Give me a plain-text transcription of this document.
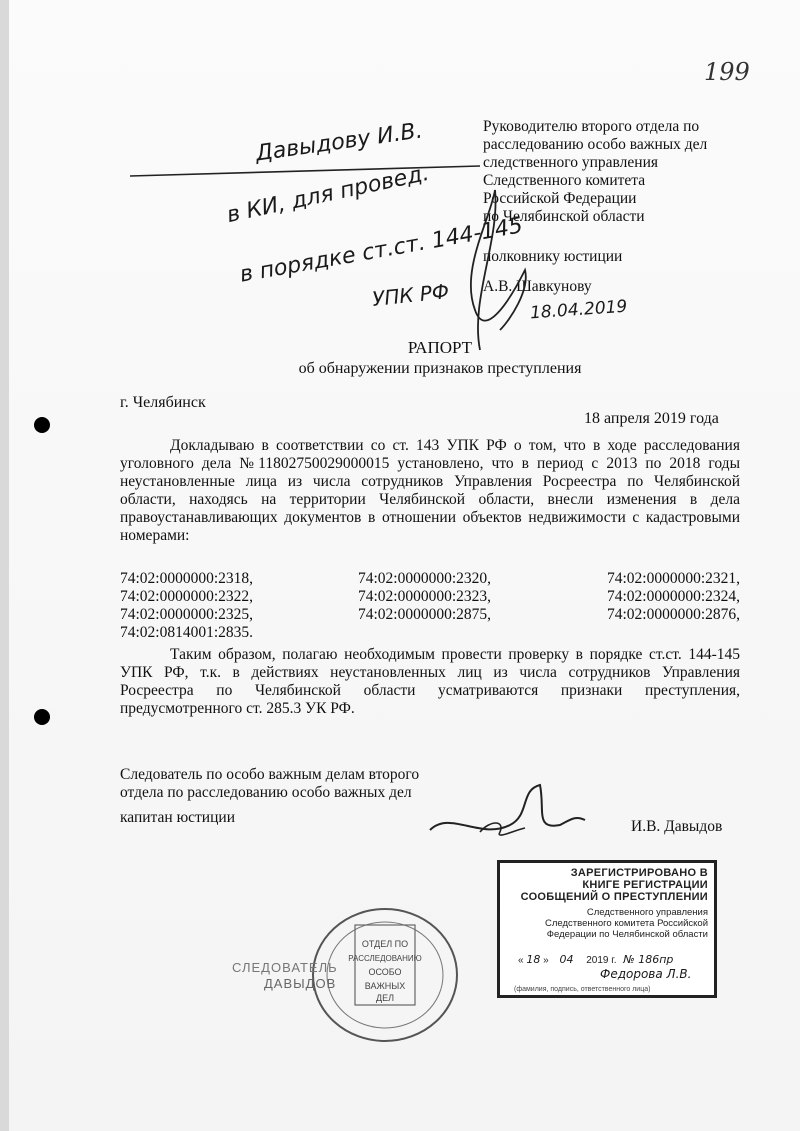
199
Руководителю второго отдела по
расследованию особо важных дел
следственного управления
Следственного комитета
Российской Федерации
по Челябинской области
полковнику юстиции
А.В. Шавкунову
Давыдову И.В.
в КИ, для провед.
в порядке ст.ст. 144-145
УПК РФ	18.04.2019
РАПОРТ
об обнаружении признаков преступления
г. Челябинск
18 апреля 2019 года
Докладываю в соответствии со ст. 143 УПК РФ о том, что в ходе расследования уголовного дела №11802750029000015 установлено, что в период с 2013 по 2018 годы неустановленные лица из числа сотрудников Управления Росреестра по Челябинской области, находясь на территории Челябинской области, внесли изменения в дела правоустанавливающих документов в отношении объектов недвижимости с кадастровыми номерами:
74:02:0000000:2318,	74:02:0000000:2320,	74:02:0000000:2321,
74:02:0000000:2322,	74:02:0000000:2323,	74:02:0000000:2324,
74:02:0000000:2325,	74:02:0000000:2875,	74:02:0000000:2876,
74:02:0814001:2835.
Таким образом, полагаю необходимым провести проверку в порядке ст.ст. 144-145 УПК РФ, т.к. в действиях неустановленных лиц из числа сотрудников Управления Росреестра по Челябинской области усматриваются признаки преступления, предусмотренного ст. 285.3 УК РФ.
Следователь по особо важным делам второго
отдела по расследованию особо важных дел
капитан юстиции
И.В. Давыдов
ЗАРЕГИСТРИРОВАНО В
КНИГЕ РЕГИСТРАЦИИ
СООБЩЕНИЙ О ПРЕСТУПЛЕНИИ
Следственного управления
Следственного комитета Российской
Федерации по Челябинской области
« 18 » 04 2019 г. № 186пр
Федорова Л.В.
(фамилия, подпись, ответственного лица)
ОТДЕЛ ПО
РАССЛЕДОВАНИЮ
ОСОБО
ВАЖНЫХ
ДЕЛ
СЛЕДОВАТЕЛЬ
ДАВЫДОВ
